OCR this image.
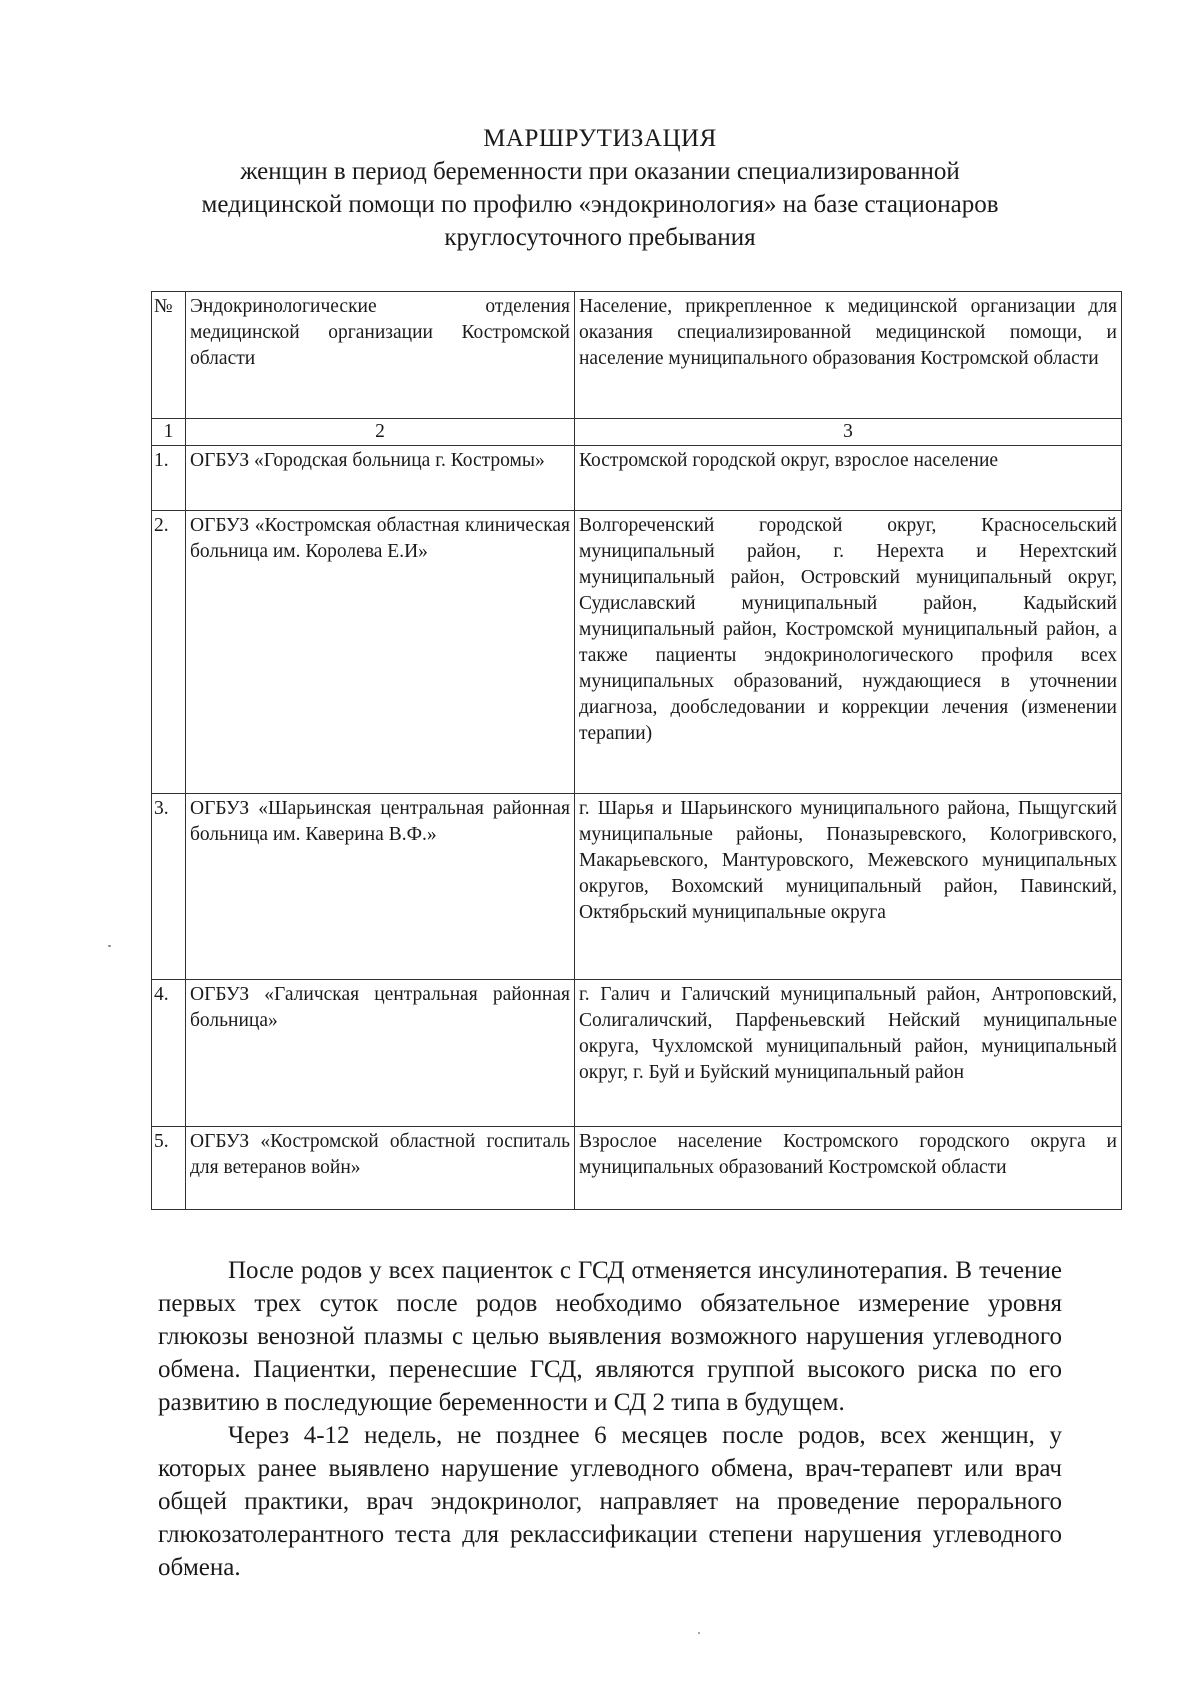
МАРШРУТИЗАЦИЯ

женщин в период беременности при оказании специализированной

медицинской помощи по профилю «эндокринология» на базе стационаров

круглосуточного пребывания

№	Эндокринологические отделения медицинской организации Костромской области	Население, прикрепленное к медицинской организации для оказания специализированной медицинской помощи, и население муниципального образования Костромской области
1	2	3
1.	ОГБУЗ «Городская больница г. Костромы»	Костромской городской округ, взрослое население
2.	ОГБУЗ «Костромская областная клиническая больница им. Королева Е.И»	Волгореченский городской округ, Красносельский муниципальный район, г. Нерехта и Нерехтский муниципальный район, Островский муниципальный округ, Судиславский муниципальный район, Кадыйский муниципальный район, Костромской муниципальный район, а также пациенты эндокринологического профиля всех муниципальных образований, нуждающиеся в уточнении диагноза, дообследовании и коррекции лечения (изменении терапии)
3.	ОГБУЗ «Шарьинская центральная районная больница им. Каверина В.Ф.»	г. Шарья и Шарьинского муниципального района, Пыщугский муниципальные районы, Поназыревского, Кологривского, Макарьевского, Мантуровского, Межевского муниципальных округов, Вохомский муниципальный район, Павинский, Октябрьский муниципальные округа
4.	ОГБУЗ «Галичская центральная районная больница»	г. Галич и Галичский муниципальный район, Антроповский, Солигаличский, Парфеньевский Нейский муниципальные округа, Чухломской муниципальный район, муниципальный округ, г. Буй и Буйский муниципальный район
5.	ОГБУЗ «Костромской областной госпиталь для ветеранов войн»	Взрослое население Костромского городского округа и муниципальных образований Костромской области

После родов у всех пациенток с ГСД отменяется инсулинотерапия. В течение первых трех суток после родов необходимо обязательное измерение уровня глюкозы венозной плазмы с целью выявления возможного нарушения углеводного обмена. Пациентки, перенесшие ГСД, являются группой высокого риска по его развитию в последующие беременности и СД 2 типа в будущем.

Через 4-12 недель, не позднее 6 месяцев после родов, всех женщин, у которых ранее выявлено нарушение углеводного обмена, врач-терапевт или врач общей практики, врач эндокринолог, направляет на проведение перорального глюкозатолерантного теста для реклассификации степени нарушения углеводного обмена.
